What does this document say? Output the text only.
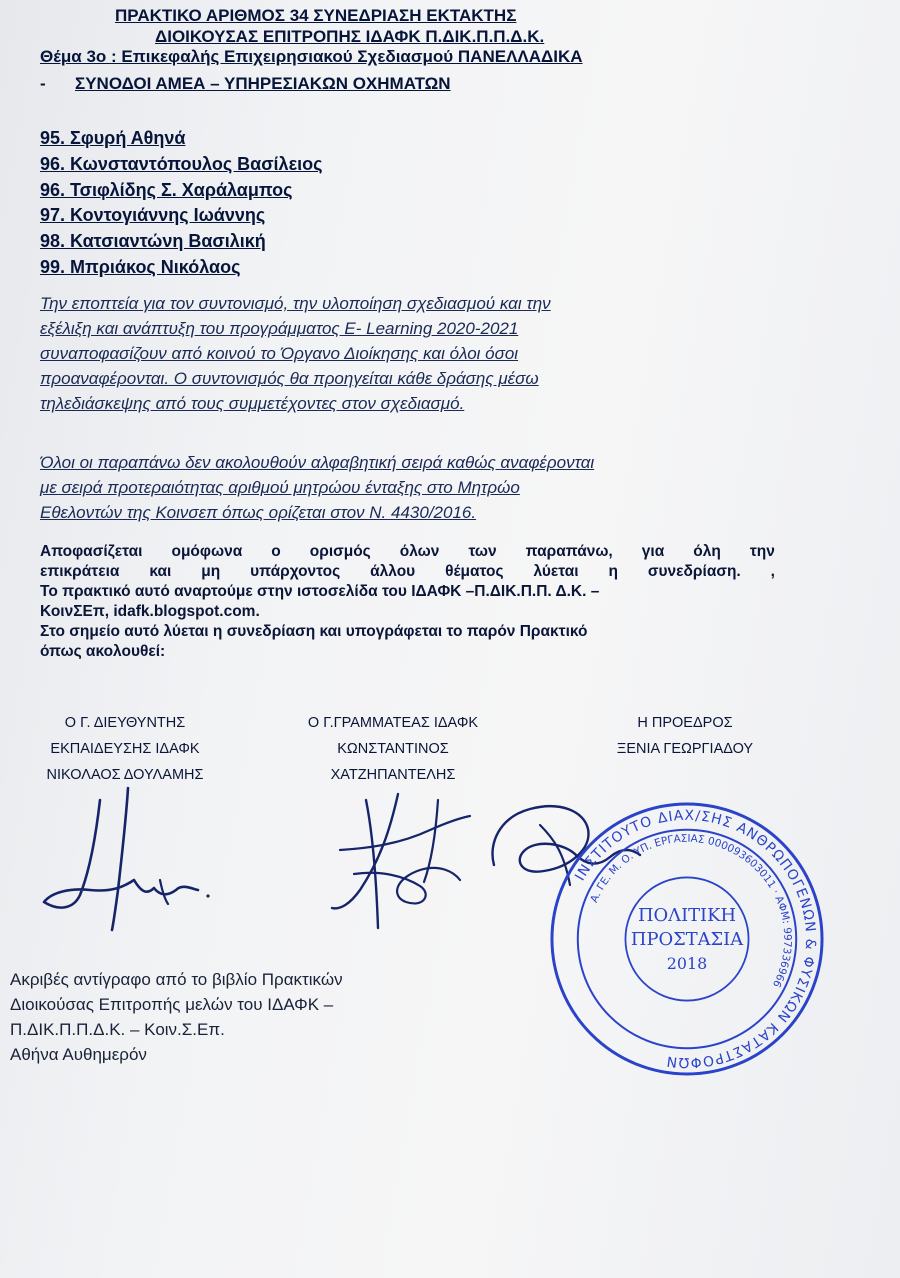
ΠΡΑΚΤΙΚΟ ΑΡΙΘΜΟΣ 34 ΣΥΝΕΔΡΙΑΣΗ ΕΚΤΑΚΤΗΣ
ΔΙΟΙΚΟΥΣΑΣ ΕΠΙΤΡΟΠΗΣ ΙΔΑΦΚ Π.ΔΙΚ.Π.Π.Δ.Κ.
Θέμα 3ο : Επικεφαλής Επιχειρησιακού Σχεδιασμού ΠΑΝΕΛΛΑΔΙΚΑ
- ΣΥΝΟΔΟΙ ΑΜΕΑ – ΥΠΗΡΕΣΙΑΚΩΝ ΟΧΗΜΑΤΩΝ
95. Σφυρή Αθηνά
96. Κωνσταντόπουλος Βασίλειος
96. Τσιφλίδης Σ. Χαράλαμπος
97. Κοντογιάννης Ιωάννης
98. Κατσιαντώνη Βασιλική
99. Μπριάκος Νικόλαος
Την εποπτεία για τον συντονισμό, την υλοποίηση σχεδιασμού και την
εξέλιξη και ανάπτυξη του προγράμματος E- Learning 2020-2021
συναποφασίζουν από κοινού το Όργανο Διοίκησης και όλοι όσοι
προαναφέρονται. Ο συντονισμός θα προηγείται κάθε δράσης μέσω
τηλεδιάσκεψης από τους συμμετέχοντες στον σχεδιασμό.
Όλοι οι παραπάνω δεν ακολουθούν αλφαβητική σειρά καθώς αναφέρονται
με σειρά προτεραιότητας αριθμού μητρώου ένταξης στο Μητρώο
Εθελοντών της Κοινσεπ όπως ορίζεται στον Ν. 4430/2016.
Αποφασίζεται ομόφωνα ο ορισμός όλων των παραπάνω, για όλη την
επικράτεια και μη υπάρχοντος άλλου θέματος λύεται η συνεδρίαση. ,
Το πρακτικό αυτό αναρτούμε στην ιστοσελίδα του ΙΔΑΦΚ –Π.ΔΙΚ.Π.Π. Δ.Κ. –
ΚοινΣΕπ, idafk.blogspot.com.
Στο σημείο αυτό λύεται η συνεδρίαση και υπογράφεται το παρόν Πρακτικό
όπως ακολουθεί:
Ο Γ. ΔΙΕΥΘΥΝΤΗΣ
ΕΚΠΑΙΔΕΥΣΗΣ ΙΔΑΦΚ
ΝΙΚΟΛΑΟΣ ΔΟΥΛΑΜΗΣ
Ο Γ.ΓΡΑΜΜΑΤΕΑΣ ΙΔΑΦΚ
ΚΩΝΣΤΑΝΤΙΝΟΣ
ΧΑΤΖΗΠΑΝΤΕΛΗΣ
Η ΠΡΟΕΔΡΟΣ
ΞΕΝΙΑ ΓΕΩΡΓΙΑΔΟΥ
ΙΝΣΤΙΤΟΥΤΟ ΔΙΑΧ/ΣΗΣ ΑΝΘΡΩΠΟΓΕΝΩΝ & ΦΥΣΙΚΩΝ ΚΑΤΑΣΤΡΟΦΩΝ
Α. ΓΕ. Μ. Ο. ΥΠ. ΕΡΓΑΣΙΑΣ 000093603011 · ΑΦΜ: 997336966
ΠΟΛΙΤΙΚΗ
ΠΡΟΣΤΑΣΙΑ
2018
Ακριβές αντίγραφο από το βιβλίο Πρακτικών
Διοικούσας Επιτροπής μελών του ΙΔΑΦΚ –
Π.ΔΙΚ.Π.Π.Δ.Κ. – Κοιν.Σ.Επ.
Αθήνα Αυθημερόν
